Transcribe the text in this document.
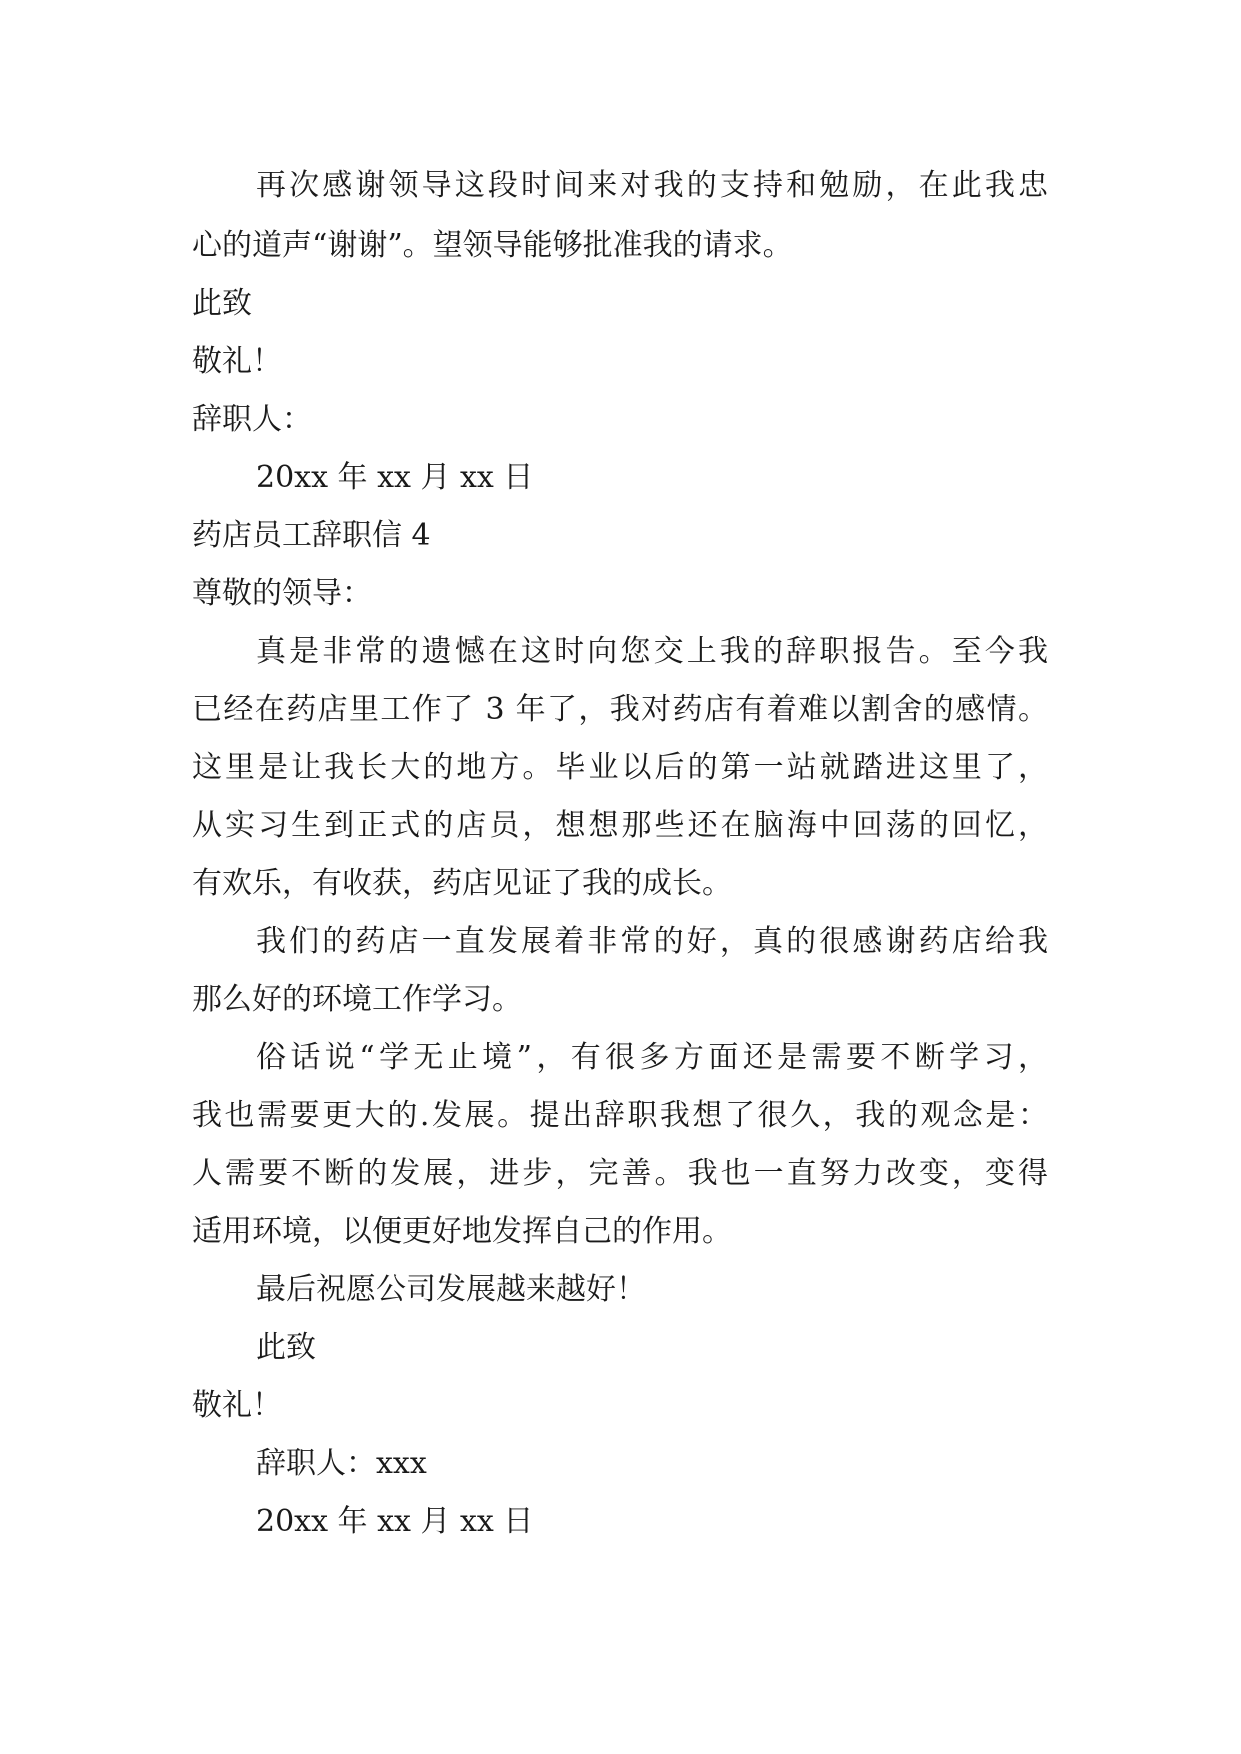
再次感谢领导这段时间来对我的支持和勉励，在此我忠
心的道声“谢谢”。望领导能够批准我的请求。
此致
敬礼！
辞职人：
20xx 年 xx 月 xx 日
药店员工辞职信 4
尊敬的领导：
真是非常的遗憾在这时向您交上我的辞职报告。至今我
已经在药店里工作了 3 年了，我对药店有着难以割舍的感情。
这里是让我长大的地方。毕业以后的第一站就踏进这里了，
从实习生到正式的店员，想想那些还在脑海中回荡的回忆，
有欢乐，有收获，药店见证了我的成长。
我们的药店一直发展着非常的好，真的很感谢药店给我
那么好的环境工作学习。
俗话说“学无止境”，有很多方面还是需要不断学习，
我也需要更大的.发展。提出辞职我想了很久，我的观念是：
人需要不断的发展，进步，完善。我也一直努力改变，变得
适用环境，以便更好地发挥自己的作用。
最后祝愿公司发展越来越好！
此致
敬礼！
辞职人：xxx
20xx 年 xx 月 xx 日
